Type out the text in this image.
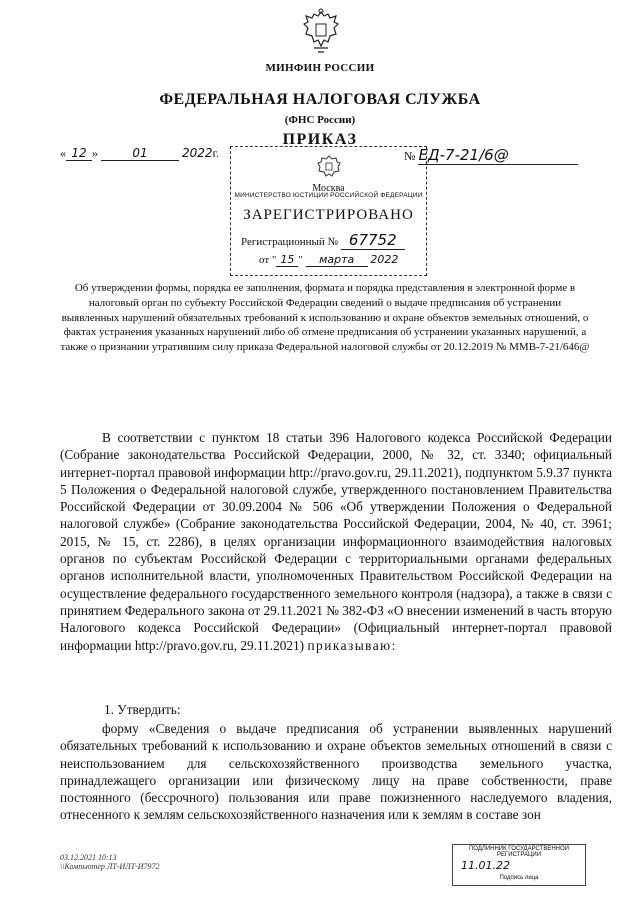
МИНФИН РОССИИ
ФЕДЕРАЛЬНАЯ НАЛОГОВАЯ СЛУЖБА
(ФНС России)
ПРИКАЗ
« 12 »	01	2022г.	№ ЕД-7-21/6@
Москва
МИНИСТЕРСТВО ЮСТИЦИИ РОССИЙСКОЙ ФЕДЕРАЦИИ
ЗАРЕГИСТРИРОВАНО
Регистрационный № 67752
от " 15 " марта 2022
Об утверждении формы, порядка ее заполнения, формата и порядка представления в электронной форме в налоговый орган по субъекту Российской Федерации сведений о выдаче предписания об устранении выявленных нарушений обязательных требований к использованию и охране объектов земельных отношений, о фактах устранения указанных нарушений либо об отмене предписания об устранении указанных нарушений, а также о признании утратившим силу приказа Федеральной налоговой службы от 20.12.2019 № ММВ-7-21/646@
В соответствии с пунктом 18 статьи 396 Налогового кодекса Российской Федерации (Собрание законодательства Российской Федерации, 2000, № 32, ст. 3340; официальный интернет-портал правовой информации http://pravo.gov.ru, 29.11.2021), подпунктом 5.9.37 пункта 5 Положения о Федеральной налоговой службе, утвержденного постановлением Правительства Российской Федерации от 30.09.2004 № 506 «Об утверждении Положения о Федеральной налоговой службе» (Собрание законодательства Российской Федерации, 2004, № 40, ст. 3961; 2015, № 15, ст. 2286), в целях организации информационного взаимодействия налоговых органов по субъектам Российской Федерации с территориальными органами федеральных органов исполнительной власти, уполномоченных Правительством Российской Федерации на осуществление федерального государственного земельного контроля (надзора), а также в связи с принятием Федерального закона от 29.11.2021 № 382-ФЗ «О внесении изменений в часть вторую Налогового кодекса Российской Федерации» (Официальный интернет-портал правовой информации http://pravo.gov.ru, 29.11.2021) приказываю:
1. Утвердить:
форму «Сведения о выдаче предписания об устранении выявленных нарушений обязательных требований к использованию и охране объектов земельных отношений в связи с неиспользованием для сельскохозяйственного производства земельного участка, принадлежащего организации или физическому лицу на праве собственности, праве постоянного (бессрочного) пользования или праве пожизненного наследуемого владения, отнесенного к землям сельскохозяйственного назначения или к землям в составе зон
03.12.2021 10:13
\\Компьютер ЛТ-ИЛТ-И7972
ПОДЛИННИК ГОСУДАРСТВЕННОЙ РЕГИСТРАЦИИ
11.01.22
Подпись лица
